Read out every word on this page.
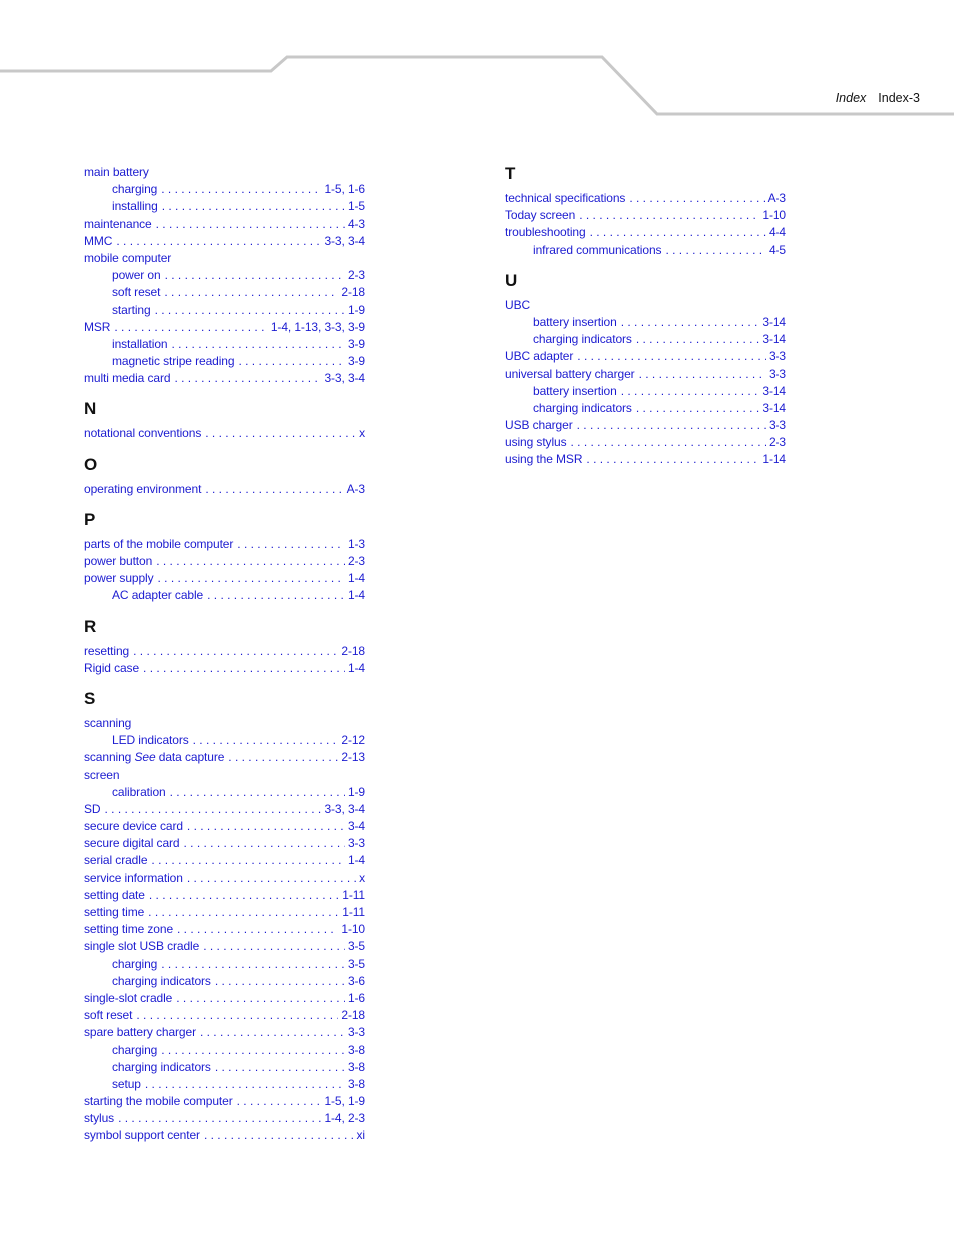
Index Index-3
main battery
charging . . .	1-5, 1-6
installing . . .	1-5
maintenance . . .	4-3
MMC . . .	3-3, 3-4
mobile computer
power on . . .	2-3
soft reset . . .	2-18
starting . . .	1-9
MSR . . .	1-4, 1-13, 3-3, 3-9
installation . . .	3-9
magnetic stripe reading . . .	3-9
multi media card . . .	3-3, 3-4
N
notational conventions . . .	x
O
operating environment . . .	A-3
P
parts of the mobile computer . . .	1-3
power button . . .	2-3
power supply . . .	1-4
AC adapter cable . . .	1-4
R
resetting . . .	2-18
Rigid case . . .	1-4
S
scanning
LED indicators . . .	2-12
scanning See data capture . . .	2-13
screen
calibration . . .	1-9
SD . . .	3-3, 3-4
secure device card . . .	3-4
secure digital card . . .	3-3
serial cradle . . .	1-4
service information . . .	x
setting date . . .	1-11
setting time . . .	1-11
setting time zone . . .	1-10
single slot USB cradle . . .	3-5
charging . . .	3-5
charging indicators . . .	3-6
single-slot cradle . . .	1-6
soft reset . . .	2-18
spare battery charger . . .	3-3
charging . . .	3-8
charging indicators . . .	3-8
setup . . .	3-8
starting the mobile computer . . .	1-5, 1-9
stylus . . .	1-4, 2-3
symbol support center . . .	xi
T
technical specifications . . .	A-3
Today screen . . .	1-10
troubleshooting . . .	4-4
infrared communications . . .	4-5
U
UBC
battery insertion . . .	3-14
charging indicators . . .	3-14
UBC adapter . . .	3-3
universal battery charger . . .	3-3
battery insertion . . .	3-14
charging indicators . . .	3-14
USB charger . . .	3-3
using stylus . . .	2-3
using the MSR . . .	1-14
